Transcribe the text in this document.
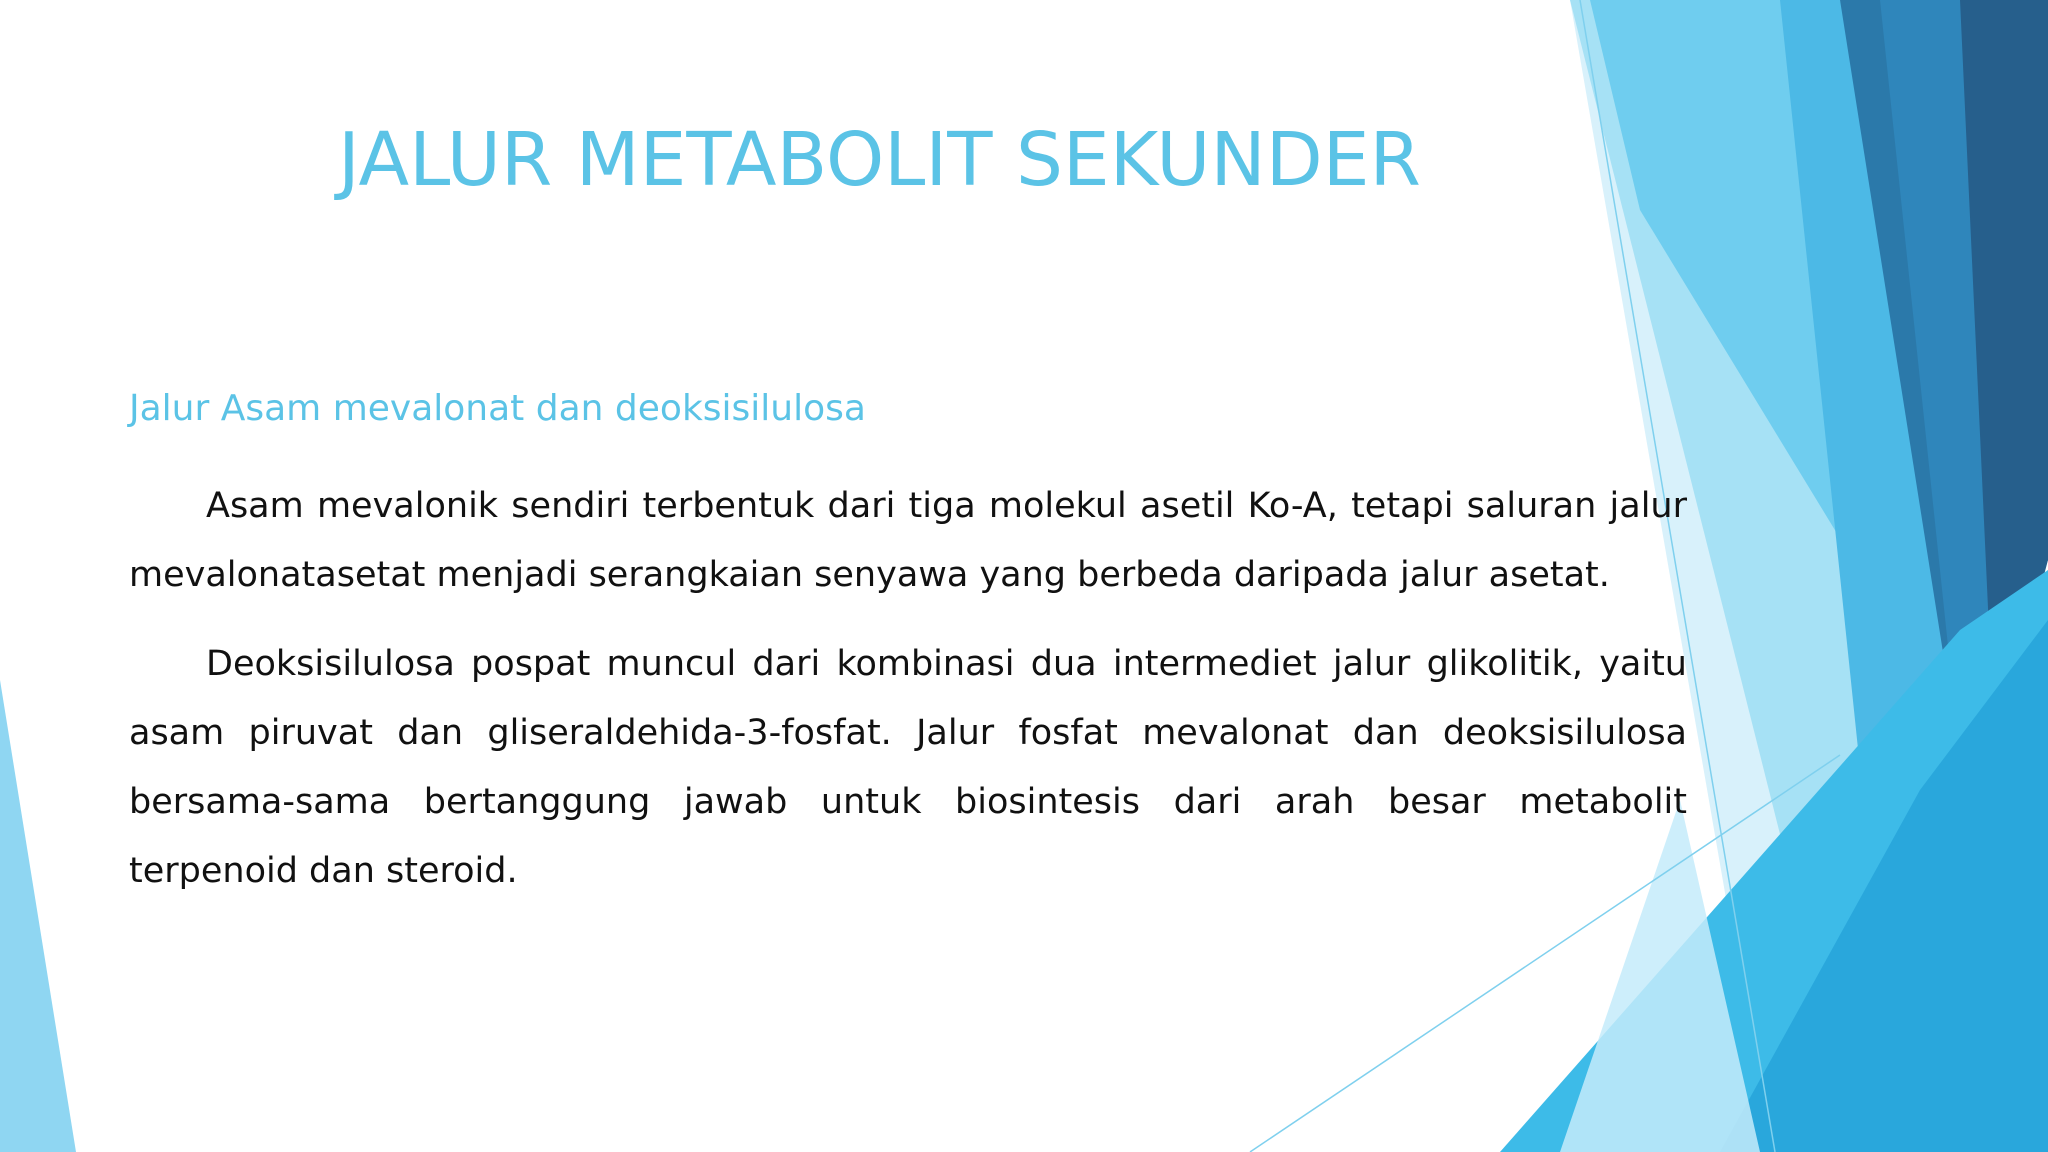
JALUR METABOLIT SEKUNDER
Jalur Asam mevalonat dan deoksisilulosa

Asam mevalonik sendiri terbentuk dari tiga molekul asetil Ko-A, tetapi saluran jalur mevalonatasetat menjadi serangkaian senyawa yang berbeda daripada jalur asetat.

Deoksisilulosa pospat muncul dari kombinasi dua intermediet jalur glikolitik, yaitu asam piruvat dan gliseraldehida-3-fosfat. Jalur fosfat mevalonat dan deoksisilulosa bersama-sama bertanggung jawab untuk biosintesis dari arah besar metabolit terpenoid dan steroid.
